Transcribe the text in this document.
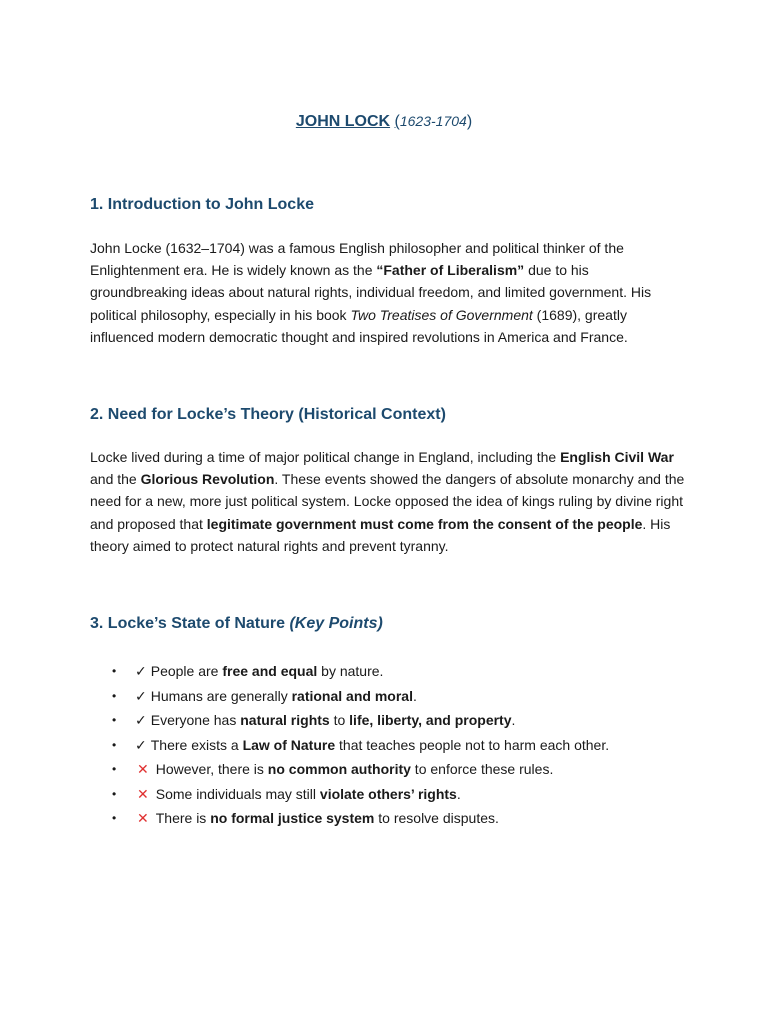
JOHN LOCK (1623-1704)
1. Introduction to John Locke
John Locke (1632–1704) was a famous English philosopher and political thinker of the Enlightenment era. He is widely known as the “Father of Liberalism” due to his groundbreaking ideas about natural rights, individual freedom, and limited government. His political philosophy, especially in his book Two Treatises of Government (1689), greatly influenced modern democratic thought and inspired revolutions in America and France.
2. Need for Locke’s Theory (Historical Context)
Locke lived during a time of major political change in England, including the English Civil War and the Glorious Revolution. These events showed the dangers of absolute monarchy and the need for a new, more just political system. Locke opposed the idea of kings ruling by divine right and proposed that legitimate government must come from the consent of the people. His theory aimed to protect natural rights and prevent tyranny.
3. Locke’s State of Nature (Key Points)
• ✓ People are free and equal by nature.
• ✓ Humans are generally rational and moral.
• ✓ Everyone has natural rights to life, liberty, and property.
• ✓ There exists a Law of Nature that teaches people not to harm each other.
• ✕ However, there is no common authority to enforce these rules.
• ✕ Some individuals may still violate others’ rights.
• ✕ There is no formal justice system to resolve disputes.
